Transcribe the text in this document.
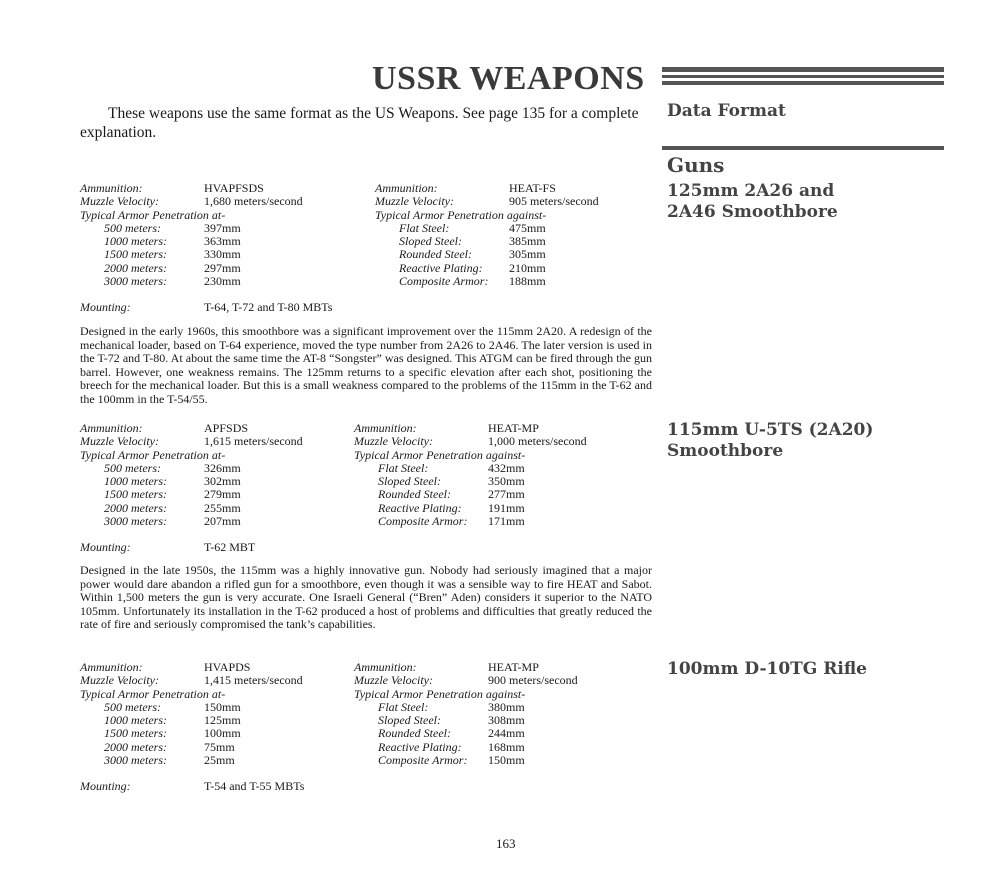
USSR WEAPONS
Data Format
Guns
125mm 2A26 and 2A46 Smoothbore
115mm U-5TS (2A20) Smoothbore
100mm D-10TG Rifle
These weapons use the same format as the US Weapons. See page 135 for a complete explanation.
Ammunition:	HVAPFSDS
Muzzle Velocity:	1,680 meters/second
Typical Armor Penetration at-	
500 meters:	397mm
1000 meters:	363mm
1500 meters:	330mm
2000 meters:	297mm
3000 meters:	230mm
Ammunition:	HEAT-FS
Muzzle Velocity:	905 meters/second
Typical Armor Penetration against-	
Flat Steel:	475mm
Sloped Steel:	385mm
Rounded Steel:	305mm
Reactive Plating:	210mm
Composite Armor:	188mm
Mounting:	T-64, T-72 and T-80 MBTs
Designed in the early 1960s, this smoothbore was a significant improvement over the 115mm 2A20. A redesign of the mechanical loader, based on T-64 experience, moved the type number from 2A26 to 2A46. The later version is used in the T-72 and T-80. At about the same time the AT-8 “Songster” was designed. This ATGM can be fired through the gun barrel. However, one weakness remains. The 125mm returns to a specific elevation after each shot, positioning the breech for the mechanical loader. But this is a small weakness compared to the problems of the 115mm in the T-62 and the 100mm in the T-54/55.
Ammunition:	APFSDS
Muzzle Velocity:	1,615 meters/second
Typical Armor Penetration at-	
500 meters:	326mm
1000 meters:	302mm
1500 meters:	279mm
2000 meters:	255mm
3000 meters:	207mm
Ammunition:	HEAT-MP
Muzzle Velocity:	1,000 meters/second
Typical Armor Penetration against-	
Flat Steel:	432mm
Sloped Steel:	350mm
Rounded Steel:	277mm
Reactive Plating:	191mm
Composite Armor:	171mm
Mounting:	T-62 MBT
Designed in the late 1950s, the 115mm was a highly innovative gun. Nobody had seriously imagined that a major power would dare abandon a rifled gun for a smoothbore, even though it was a sensible way to fire HEAT and Sabot. Within 1,500 meters the gun is very accurate. One Israeli General (“Bren” Aden) considers it superior to the NATO 105mm. Unfortunately its installation in the T-62 produced a host of problems and difficulties that greatly reduced the rate of fire and seriously compromised the tank’s capabilities.
Ammunition:	HVAPDS
Muzzle Velocity:	1,415 meters/second
Typical Armor Penetration at-	
500 meters:	150mm
1000 meters:	125mm
1500 meters:	100mm
2000 meters:	75mm
3000 meters:	25mm
Ammunition:	HEAT-MP
Muzzle Velocity:	900 meters/second
Typical Armor Penetration against-	
Flat Steel:	380mm
Sloped Steel:	308mm
Rounded Steel:	244mm
Reactive Plating:	168mm
Composite Armor:	150mm
Mounting:	T-54 and T-55 MBTs
163
